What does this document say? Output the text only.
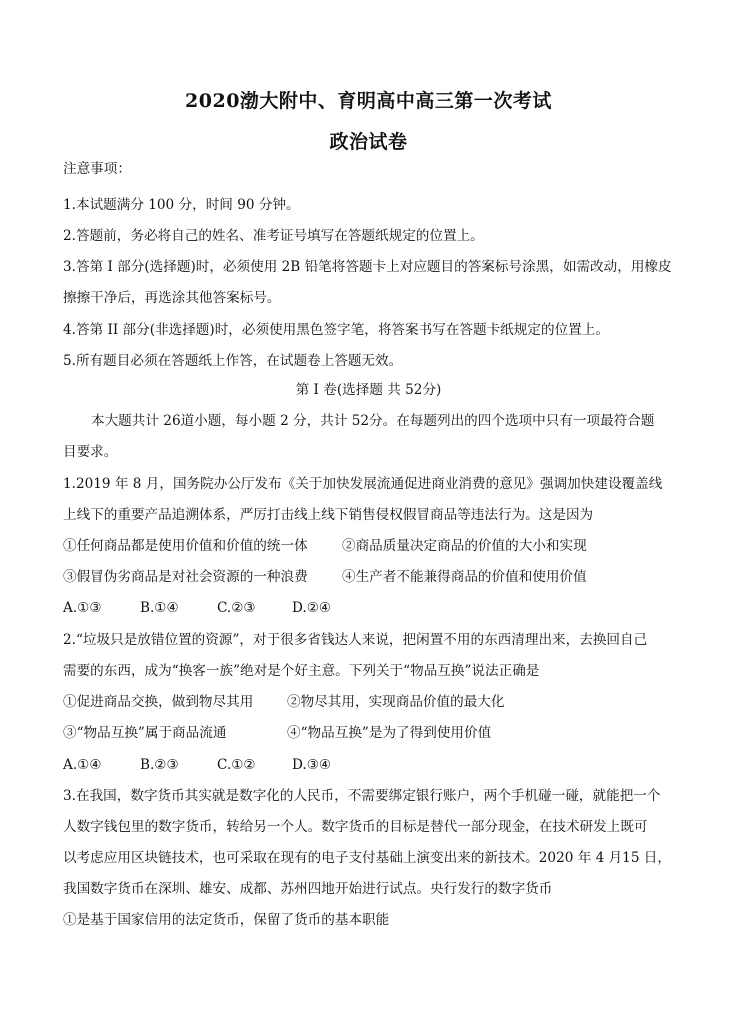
2020渤大附中、育明高中高三第一次考试
政治试卷
注意事项：
1.本试题满分 100 分，时间 90 分钟。
2.答题前，务必将自己的姓名、准考证号填写在答题纸规定的位置上。
3.答第 I 部分(选择题)时，必须使用 2B 铅笔将答题卡上对应题目的答案标号涂黑，如需改动，用橡皮
擦擦干净后，再选涂其他答案标号。
4.答第 II 部分(非选择题)时，必须使用黑色签字笔，将答案书写在答题卡纸规定的位置上。
5.所有题目必须在答题纸上作答，在试题卷上答题无效。
第 I 卷(选择题 共 52分)
本大题共计 26道小题，每小题 2 分，共计 52分。在每题列出的四个选项中只有一项最符合题
目要求。
1.2019 年 8 月，国务院办公厅发布《关于加快发展流通促进商业消费的意见》强调加快建设覆盖线
上线下的重要产品追溯体系，严厉打击线上线下销售侵权假冒商品等违法行为。这是因为
①任何商品都是使用价值和价值的统一体	②商品质量决定商品的价值的大小和实现
③假冒伪劣商品是对社会资源的一种浪费	④生产者不能兼得商品的价值和使用价值
A.①③	B.①④	C.②③	D.②④
2.“垃圾只是放错位置的资源”，对于很多省钱达人来说，把闲置不用的东西清理出来，去换回自己
需要的东西，成为“换客一族”绝对是个好主意。下列关于“物品互换”说法正确是
①促进商品交换，做到物尽其用 ②物尽其用，实现商品价值的最大化
③“物品互换”属于商品流通	④“物品互换”是为了得到使用价值
A.①④	B.②③	C.①②	D.③④
3.在我国，数字货币其实就是数字化的人民币，不需要绑定银行账户，两个手机碰一碰，就能把一个
人数字钱包里的数字货币，转给另一个人。数字货币的目标是替代一部分现金，在技术研发上既可
以考虑应用区块链技术，也可采取在现有的电子支付基础上演变出来的新技术。2020 年 4 月15 日，
我国数字货币在深圳、雄安、成都、苏州四地开始进行试点。央行发行的数字货币
①是基于国家信用的法定货币，保留了货币的基本职能
